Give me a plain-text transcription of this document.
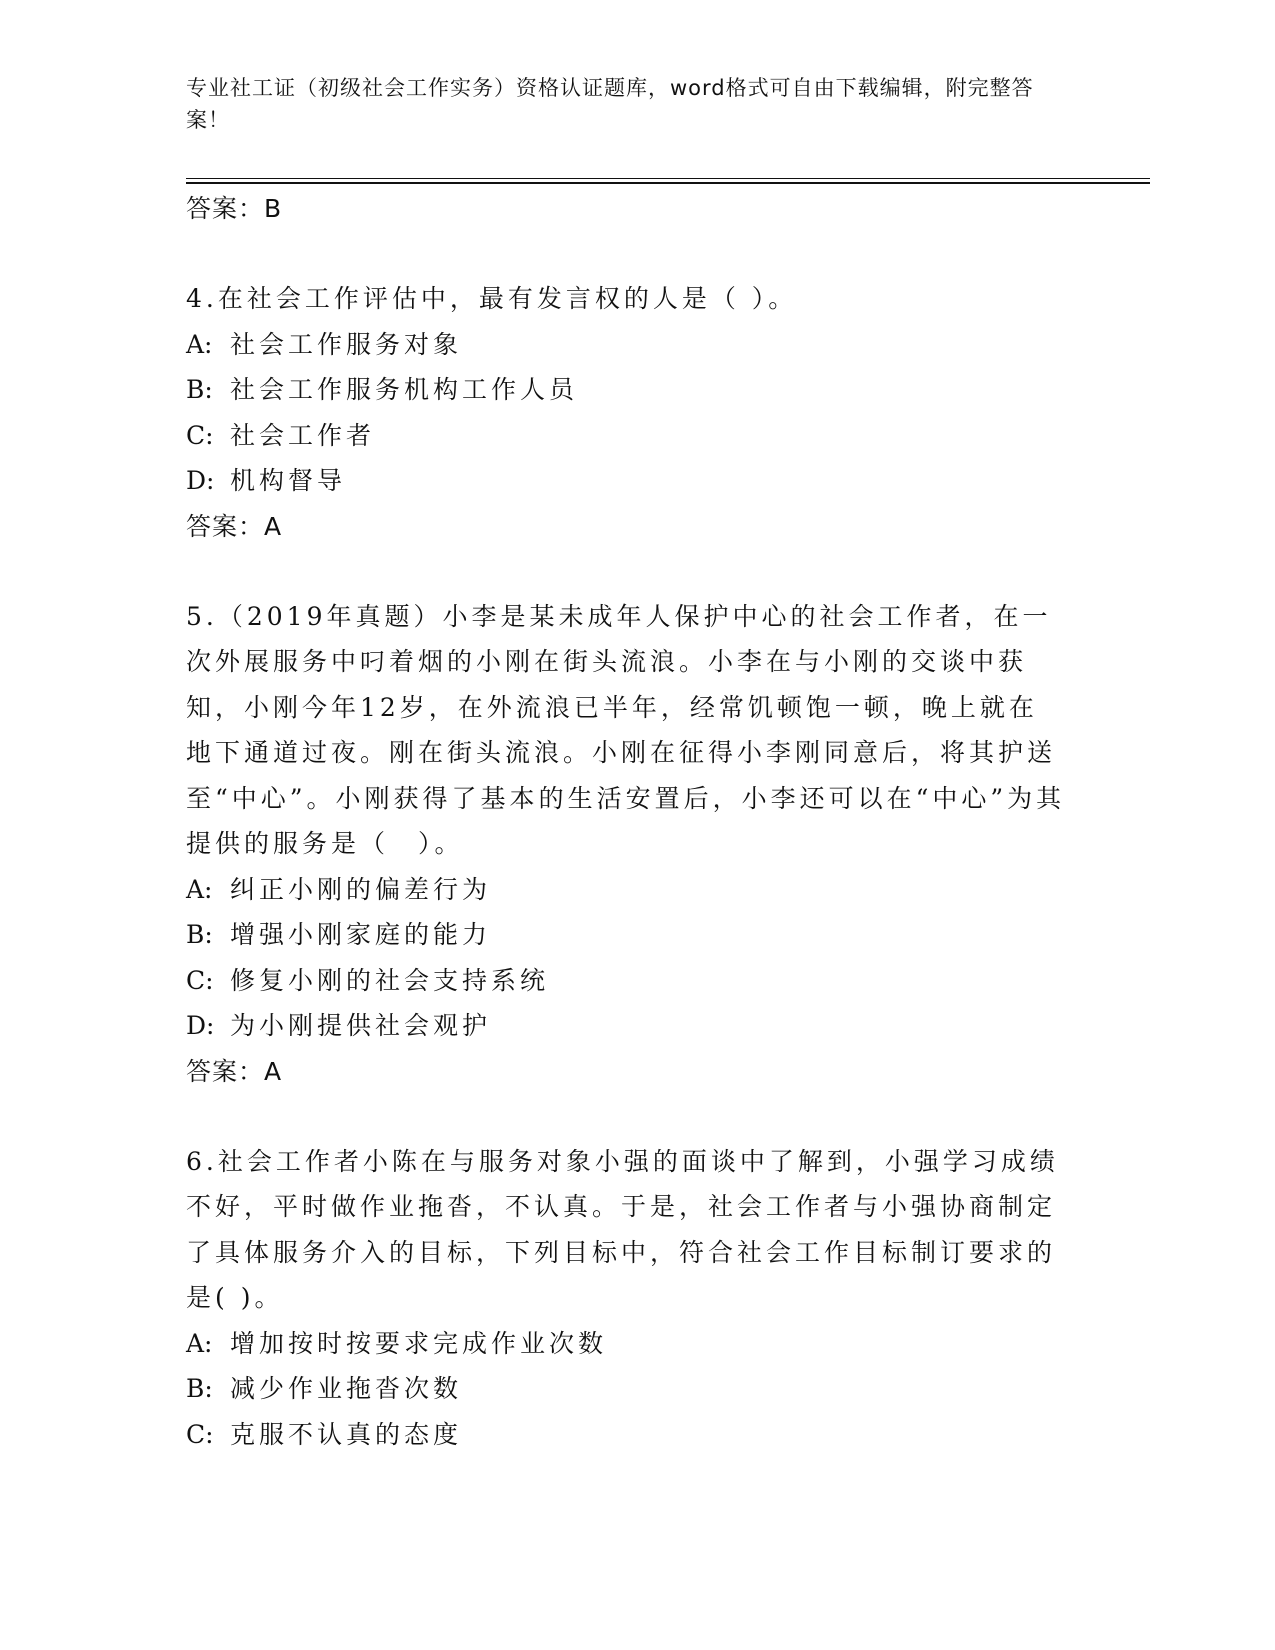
专业社工证（初级社会工作实务）资格认证题库，word格式可自由下载编辑，附完整答案！
答案：B
4.在社会工作评估中，最有发言权的人是（ ）。
A: 社会工作服务对象
B: 社会工作服务机构工作人员
C: 社会工作者
D: 机构督导
答案：A
5.（2019年真题）小李是某未成年人保护中心的社会工作者，在一次外展服务中叼着烟的小刚在街头流浪。小李在与小刚的交谈中获知，小刚今年12岁，在外流浪已半年，经常饥顿饱一顿，晚上就在地下通道过夜。刚在街头流浪。小刚在征得小李刚同意后，将其护送至“中心”。小刚获得了基本的生活安置后，小李还可以在“中心”为其提供的服务是（　）。
A: 纠正小刚的偏差行为
B: 增强小刚家庭的能力
C: 修复小刚的社会支持系统
D: 为小刚提供社会观护
答案：A
6.社会工作者小陈在与服务对象小强的面谈中了解到，小强学习成绩不好，平时做作业拖沓，不认真。于是，社会工作者与小强协商制定了具体服务介入的目标，下列目标中，符合社会工作目标制订要求的是( )。
A: 增加按时按要求完成作业次数
B: 减少作业拖沓次数
C: 克服不认真的态度
